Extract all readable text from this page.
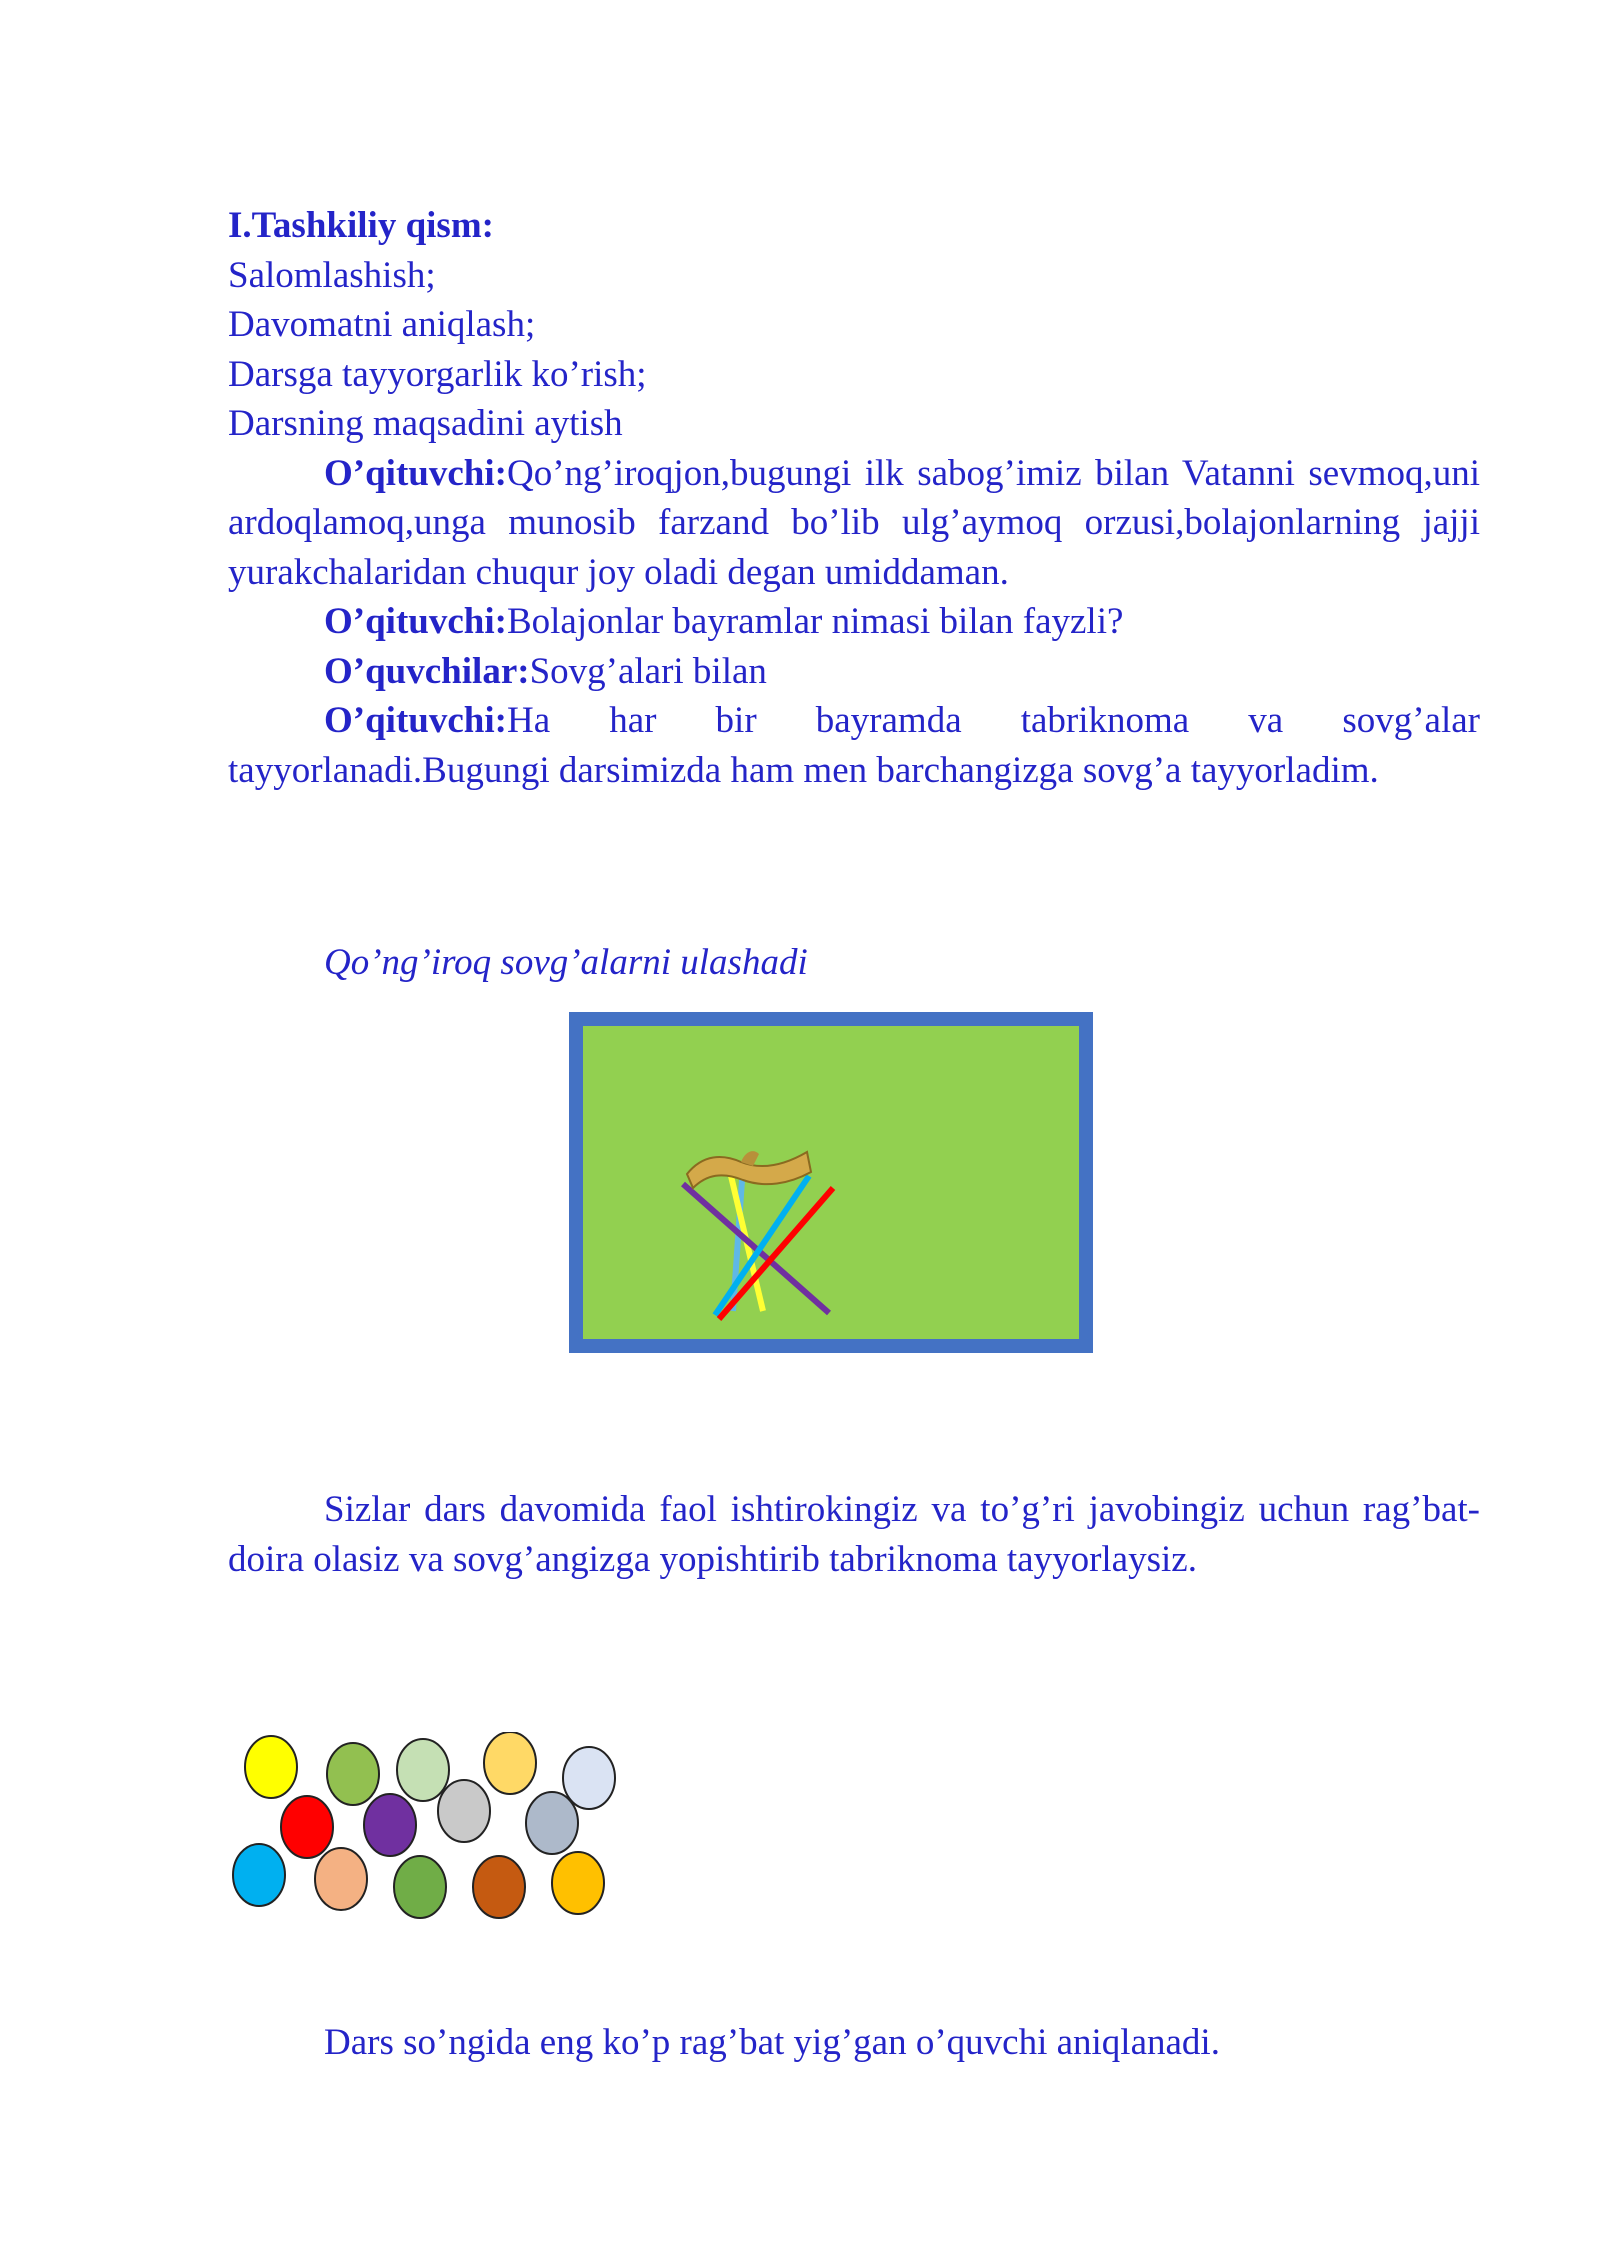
I.Tashkiliy qism:

Salomlashish;

Davomatni aniqlash;

Darsga tayyorgarlik ko’rish;

Darsning maqsadini aytish

O’qituvchi:Qo’ng’iroqjon,bugungi ilk sabog’imiz bilan Vatanni sevmoq,uni ardoqlamoq,unga munosib farzand bo’lib ulg’aymoq orzusi,bolajonlarning jajji yurakchalaridan chuqur joy oladi degan umiddaman.

O’qituvchi:Bolajonlar bayramlar nimasi bilan fayzli?

O’quvchilar:Sovg’alari bilan

O’qituvchi:Ha har bir bayramda tabriknoma va sovg’alar tayyorlanadi.Bugungi darsimizda ham men barchangizga sovg’a tayyorladim.

Qo’ng’iroq sovg’alarni ulashadi

Sizlar dars davomida faol ishtirokingiz va to’g’ri javobingiz uchun rag’bat-doira olasiz va sovg’angizga yopishtirib tabriknoma tayyorlaysiz.

Dars so’ngida eng ko’p rag’bat yig’gan o’quvchi aniqlanadi.
